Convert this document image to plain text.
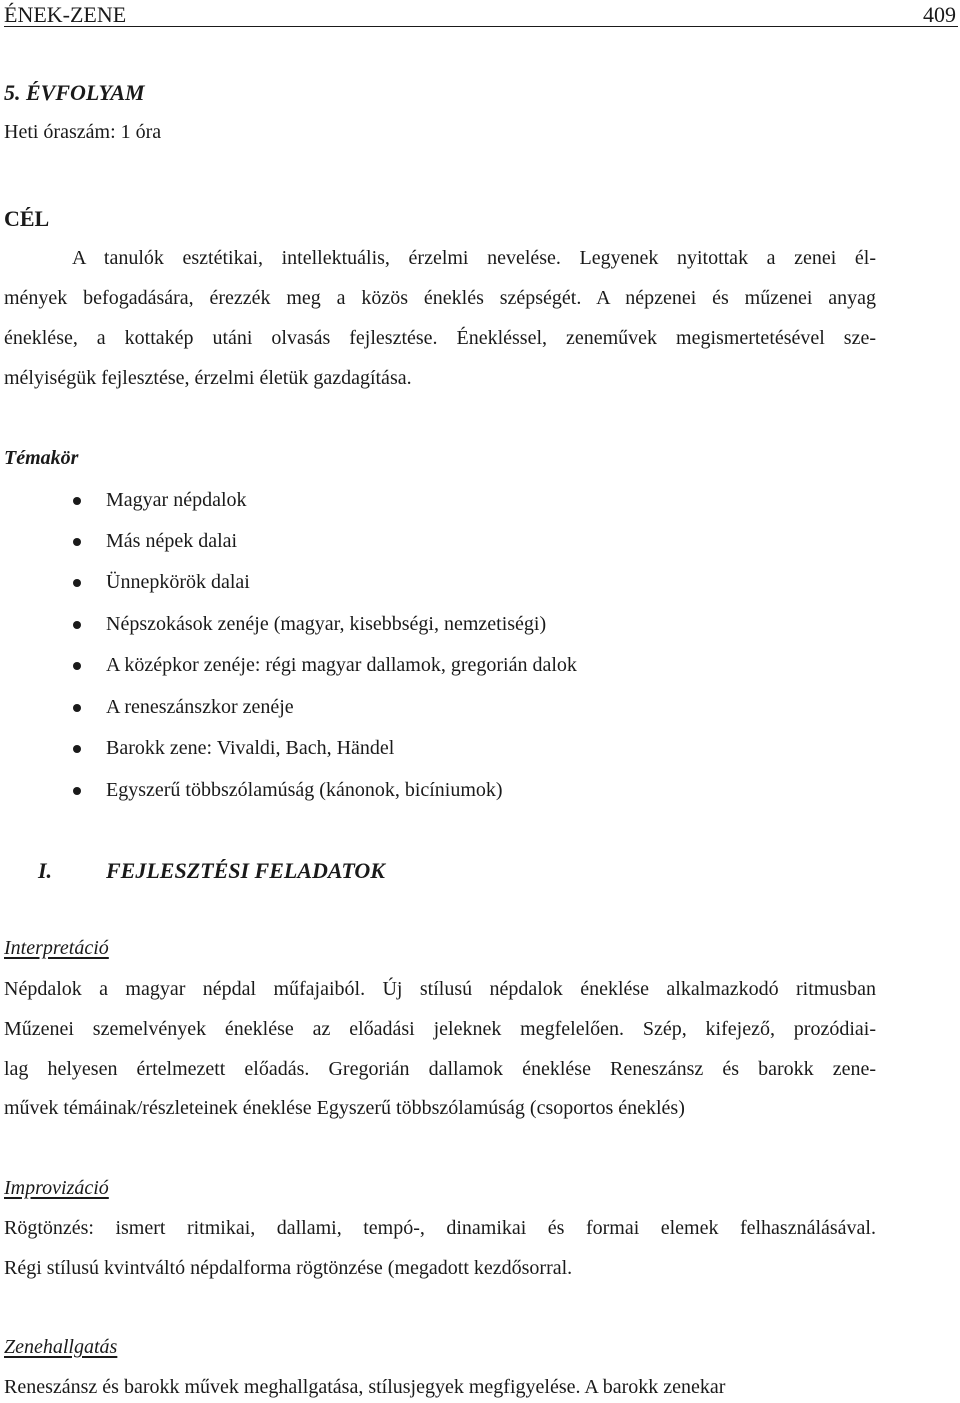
ÉNEK-ZENE	409
5. ÉVFOLYAM
Heti óraszám: 1 óra
CÉL
A tanulók esztétikai, intellektuális, érzelmi nevelése. Legyenek nyitottak a zenei él-
mények befogadására, érezzék meg a közös éneklés szépségét. A népzenei és műzenei anyag
éneklése, a kottakép utáni olvasás fejlesztése. Énekléssel, zeneművek megismertetésével sze-
mélyiségük fejlesztése, érzelmi életük gazdagítása.
Témakör
Magyar népdalok
Más népek dalai
Ünnepkörök dalai
Népszokások zenéje (magyar, kisebbségi, nemzetiségi)
A középkor zenéje: régi magyar dallamok, gregorián dalok
A reneszánszkor zenéje
Barokk zene: Vivaldi, Bach, Händel
Egyszerű többszólamúság (kánonok, bicíniumok)
I. FEJLESZTÉSI FELADATOK
Interpretáció
Népdalok a magyar népdal műfajaiból. Új stílusú népdalok éneklése alkalmazkodó ritmusban
Műzenei szemelvények éneklése az előadási jeleknek megfelelően. Szép, kifejező, prozódiai-
lag helyesen értelmezett előadás. Gregorián dallamok éneklése Reneszánsz és barokk zene-
művek témáinak/részleteinek éneklése Egyszerű többszólamúság (csoportos éneklés)
Improvizáció
Rögtönzés: ismert ritmikai, dallami, tempó-, dinamikai és formai elemek felhasználásával.
Régi stílusú kvintváltó népdalforma rögtönzése (megadott kezdősorral.
Zenehallgatás
Reneszánsz és barokk művek meghallgatása, stílusjegyek megfigyelése. A barokk zenekar
